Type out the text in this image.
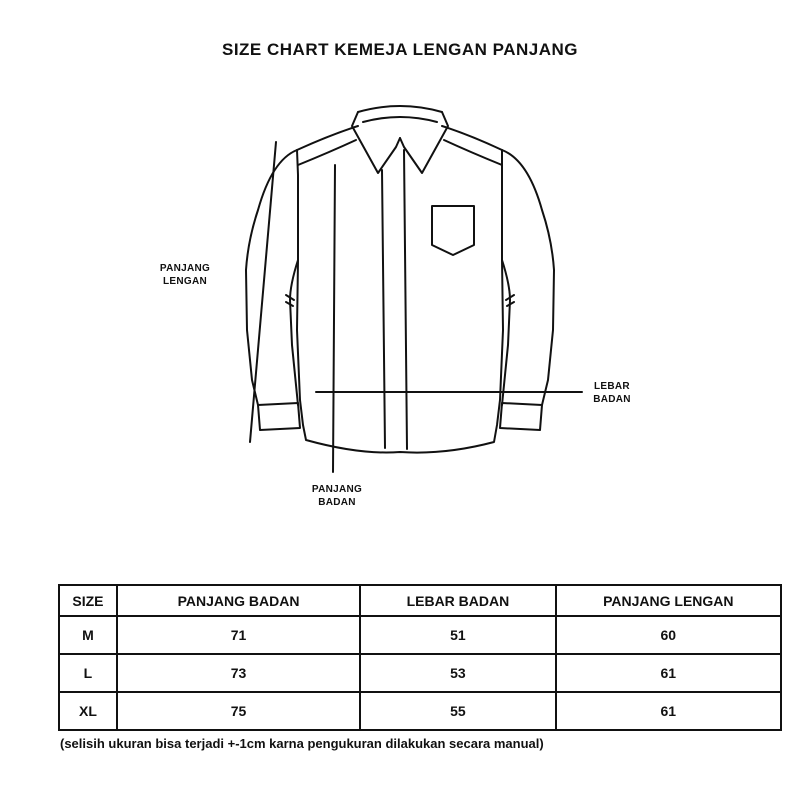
SIZE CHART KEMEJA LENGAN PANJANG
PANJANG
LENGAN
LEBAR
BADAN
PANJANG
BADAN
SIZE	PANJANG BADAN	LEBAR BADAN	PANJANG LENGAN
M	71	51	60
L	73	53	61
XL	75	55	61
(selisih ukuran bisa terjadi +-1cm karna pengukuran dilakukan secara manual)
